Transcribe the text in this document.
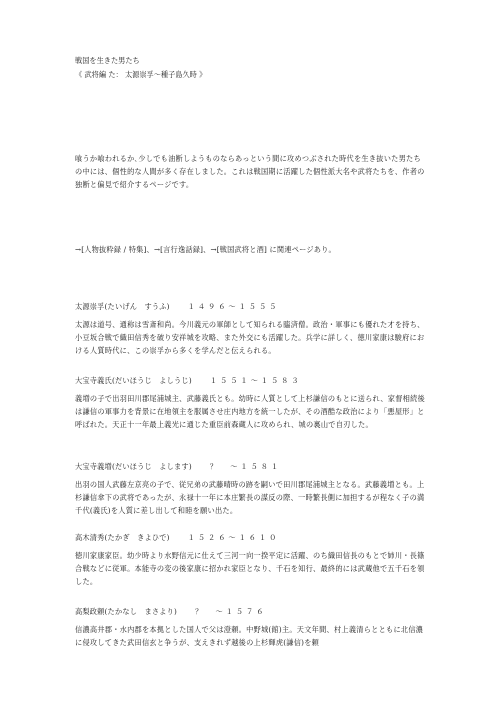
戦国を生きた男たち
《 武将編 た： 太源崇孚～種子島久時 》
喰うか喰われるか､少しでも油断しようものならあっという間に攻めつぶされた時代を生き抜いた男たちの中には、個性的な人間が多く存在しました。これは戦国期に活躍した個性派大名や武将たちを、作者の独断と偏見で紹介するページです。
→[人物抜粋録 / 特集]、→[言行逸話録]、→[戦国武将と酒] に関連ページあり。
太源崇孚(たいげん　すうふ)	１４９６～１５５５
太源は道号、通称は雪斎和尚。今川義元の軍師として知られる臨済僧。政治・軍事にも優れた才を持ち、小豆坂合戦で織田信秀を破り安祥城を攻略、また外交にも活躍した。兵学に詳しく、徳川家康は駿府における人質時代に、この崇孚から多くを学んだと伝えられる。
大宝寺義氏(だいほうじ　よしうじ)	１５５１～１５８３
義増の子で出羽田川郡尾浦城主、武藤義氏とも。幼時に人質として上杉謙信のもとに送られ、家督相続後は謙信の軍事力を背景に在地領主を服属させ庄内地方を統一したが、その酒酷な政治により「悪屋形」と呼ばれた。天正十一年最上義光に通じた重臣前森蔵人に攻められ、城の裏山で自刃した。
大宝寺義増(だいほうじ　よします)	？　～１５８１
出羽の国人武藤左京亮の子で、従兄弟の武藤晴時の跡を嗣いで田川郡尾浦城主となる。武藤義増とも。上杉謙信傘下の武将であったが、永禄十一年に本庄繁長の謀反の際、一時繁長側に加担するが程なく子の満千代(義氏)を人質に差し出して和睦を願い出た。
高木清秀(たかぎ　きよひで)	１５２６～１６１０
徳川家康家臣。幼少時より水野信元に仕えて三河一向一揆平定に活躍、のち織田信長のもとで姉川・長篠合戦などに従軍。本能寺の変の後家康に招かれ家臣となり、千石を知行、最終的には武蔵他で五千石を領した。
高梨政頼(たかなし　まさより)	？　～１５７６
信濃高井郡・水内郡を本拠とした国人で父は澄頼。中野城(館)主。天文年間、村上義清らとともに北信濃に侵攻してきた武田信玄と争うが、支えきれず越後の上杉輝虎(謙信)を頼
